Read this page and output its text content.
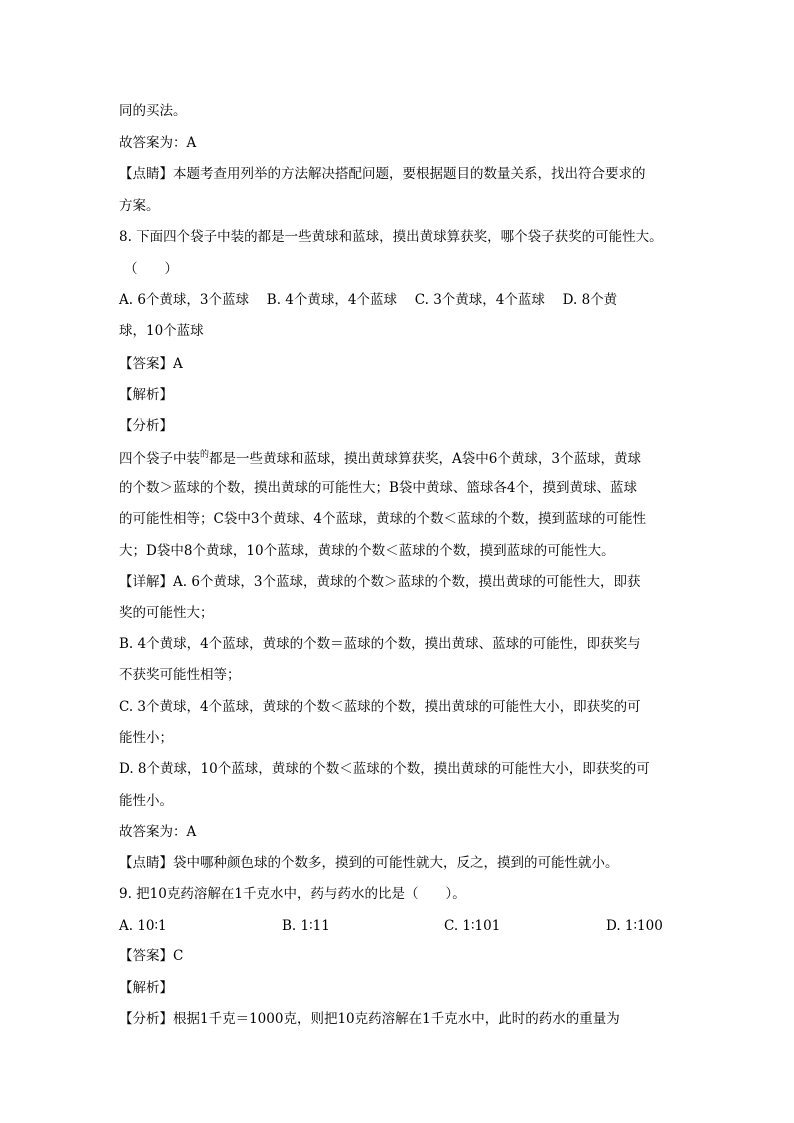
同的买法。
故答案为：A
【点睛】本题考查用列举的方法解决搭配问题，要根据题目的数量关系，找出符合要求的
方案。
8. 下面四个袋子中装的都是一些黄球和蓝球，摸出黄球算获奖，哪个袋子获奖的可能性大。
（　　）
A. 6个黄球，3个蓝球　 B. 4个黄球，4个蓝球　 C. 3个黄球，4个蓝球　 D. 8个黄
球，10个蓝球
【答案】A
【解析】
【分析】
四个袋子中装$^的$都是一些黄球和蓝球，摸出黄球算获奖，A袋中6个黄球，3个蓝球，黄球
的个数＞蓝球的个数，摸出黄球的可能性大；B袋中黄球、篮球各4个，摸到黄球、蓝球
的可能性相等；C袋中3个黄球、4个蓝球，黄球的个数＜蓝球的个数，摸到蓝球的可能性
大；D袋中8个黄球，10个蓝球，黄球的个数＜蓝球的个数，摸到蓝球的可能性大。
【详解】A. 6个黄球，3个蓝球，黄球的个数＞蓝球的个数，摸出黄球的可能性大，即获
奖的可能性大；
B. 4个黄球，4个蓝球，黄球的个数＝蓝球的个数，摸出黄球、蓝球的可能性，即获奖与
不获奖可能性相等；
C. 3个黄球，4个蓝球，黄球的个数＜蓝球的个数，摸出黄球的可能性大小，即获奖的可
能性小；
D. 8个黄球，10个蓝球，黄球的个数＜蓝球的个数，摸出黄球的可能性大小，即获奖的可
能性小。
故答案为：A
【点睛】袋中哪种颜色球的个数多，摸到的可能性就大，反之，摸到的可能性就小。
9. 把10克药溶解在1千克水中，药与药水的比是（　　）。
A. 10∶1	B. 1∶11	C. 1∶101	D. 1∶100
【答案】C
【解析】
【分析】根据1千克＝1000克，则把10克药溶解在1千克水中，此时的药水的重量为
